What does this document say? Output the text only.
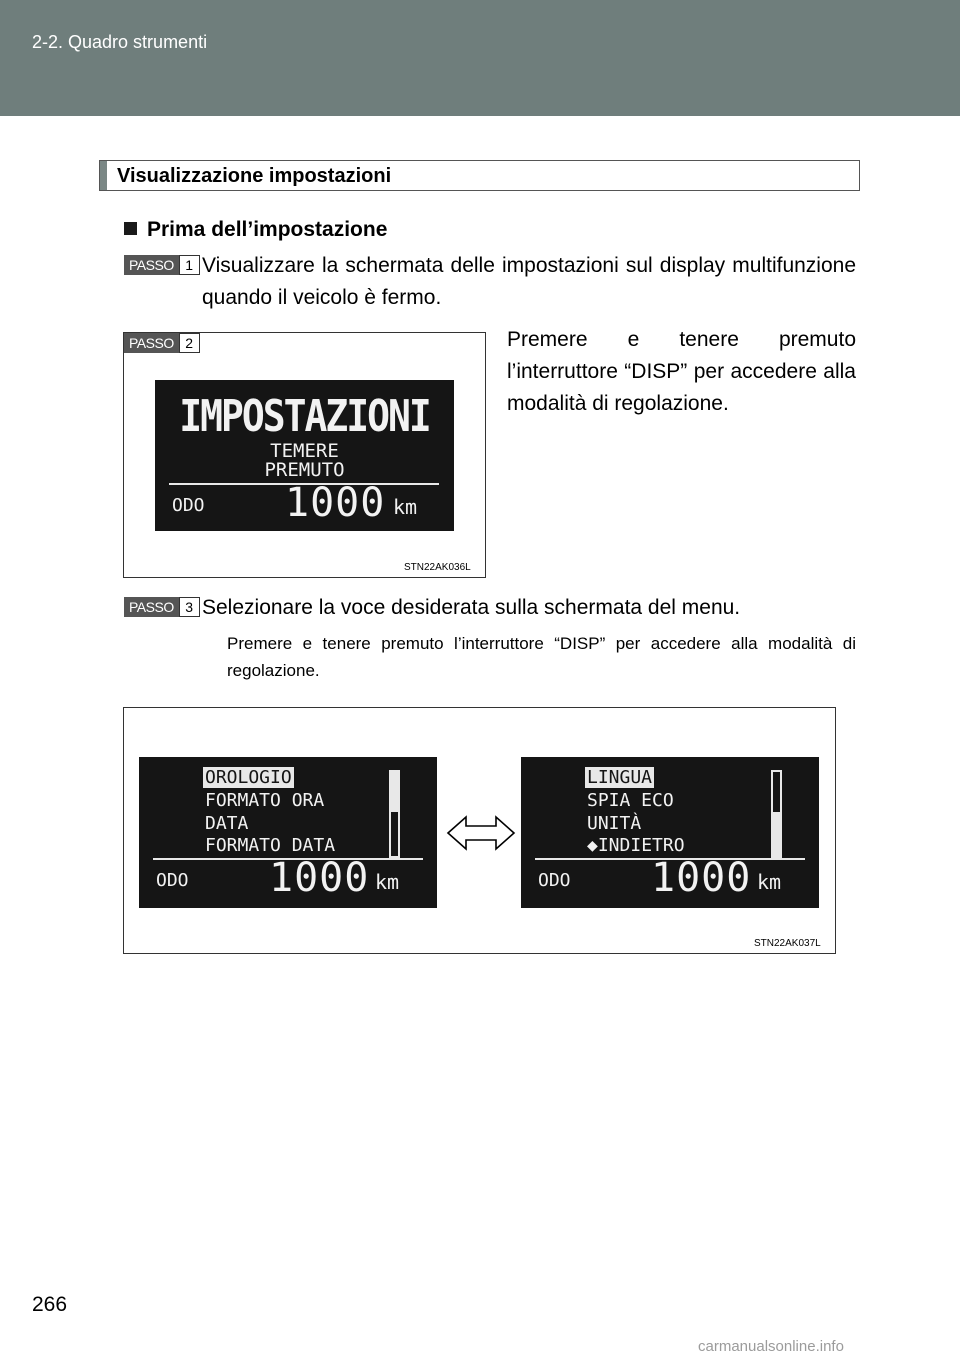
2-2. Quadro strumenti
Visualizzazione impostazioni
Prima dell’impostazione
PASSO 1 Visualizzare la schermata delle impostazioni sul display multifunzione quando il veicolo è fermo.
PASSO 2
IMPOSTAZIONI
TEMERE
PREMUTO
ODO 1000 km
STN22AK036L
Premere e tenere premuto l’interruttore “DISP” per accedere alla modalità di regolazione.
PASSO 3 Selezionare la voce desiderata sulla schermata del menu.
Premere e tenere premuto l’interruttore “DISP” per accedere alla modalità di regolazione.
OROLOGIO
FORMATO ORA
DATA
FORMATO DATA
ODO 1000 km
LINGUA
SPIA ECO
UNITÀ
◆INDIETRO
ODO 1000 km
STN22AK037L
266
carmanualsonline.info
